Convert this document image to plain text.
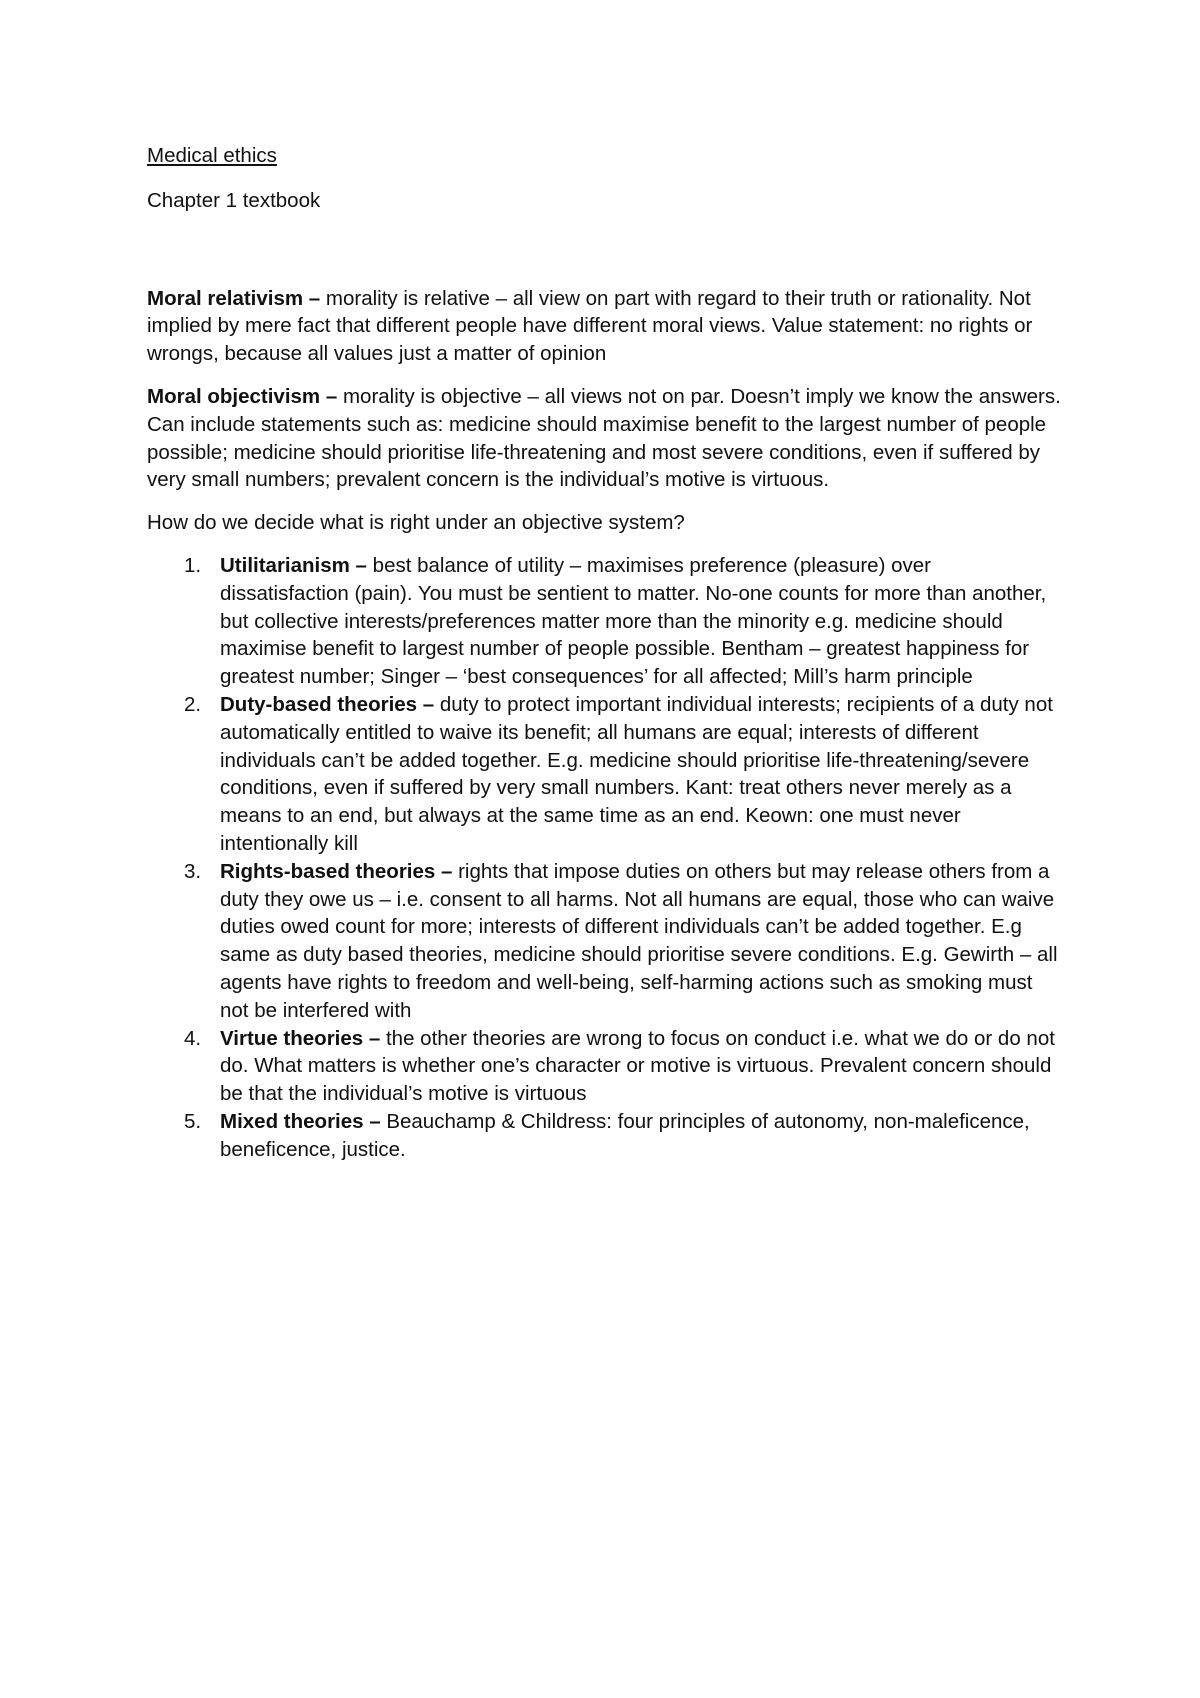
Medical ethics

Chapter 1 textbook

Moral relativism – morality is relative – all view on part with regard to their truth or rationality. Not implied by mere fact that different people have different moral views. Value statement: no rights or wrongs, because all values just a matter of opinion

Moral objectivism – morality is objective – all views not on par. Doesn’t imply we know the answers. Can include statements such as: medicine should maximise benefit to the largest number of people possible; medicine should prioritise life-threatening and most severe conditions, even if suffered by very small numbers; prevalent concern is the individual’s motive is virtuous.

How do we decide what is right under an objective system?

1. Utilitarianism – best balance of utility – maximises preference (pleasure) over dissatisfaction (pain). You must be sentient to matter. No-one counts for more than another, but collective interests/preferences matter more than the minority e.g. medicine should maximise benefit to largest number of people possible. Bentham – greatest happiness for greatest number; Singer – ‘best consequences’ for all affected; Mill’s harm principle
2. Duty-based theories – duty to protect important individual interests; recipients of a duty not automatically entitled to waive its benefit; all humans are equal; interests of different individuals can’t be added together. E.g. medicine should prioritise life-threatening/severe conditions, even if suffered by very small numbers. Kant: treat others never merely as a means to an end, but always at the same time as an end. Keown: one must never intentionally kill
3. Rights-based theories – rights that impose duties on others but may release others from a duty they owe us – i.e. consent to all harms. Not all humans are equal, those who can waive duties owed count for more; interests of different individuals can’t be added together. E.g same as duty based theories, medicine should prioritise severe conditions. E.g. Gewirth – all agents have rights to freedom and well-being, self-harming actions such as smoking must not be interfered with
4. Virtue theories – the other theories are wrong to focus on conduct i.e. what we do or do not do. What matters is whether one’s character or motive is virtuous. Prevalent concern should be that the individual’s motive is virtuous
5. Mixed theories – Beauchamp & Childress: four principles of autonomy, non-maleficence, beneficence, justice.
